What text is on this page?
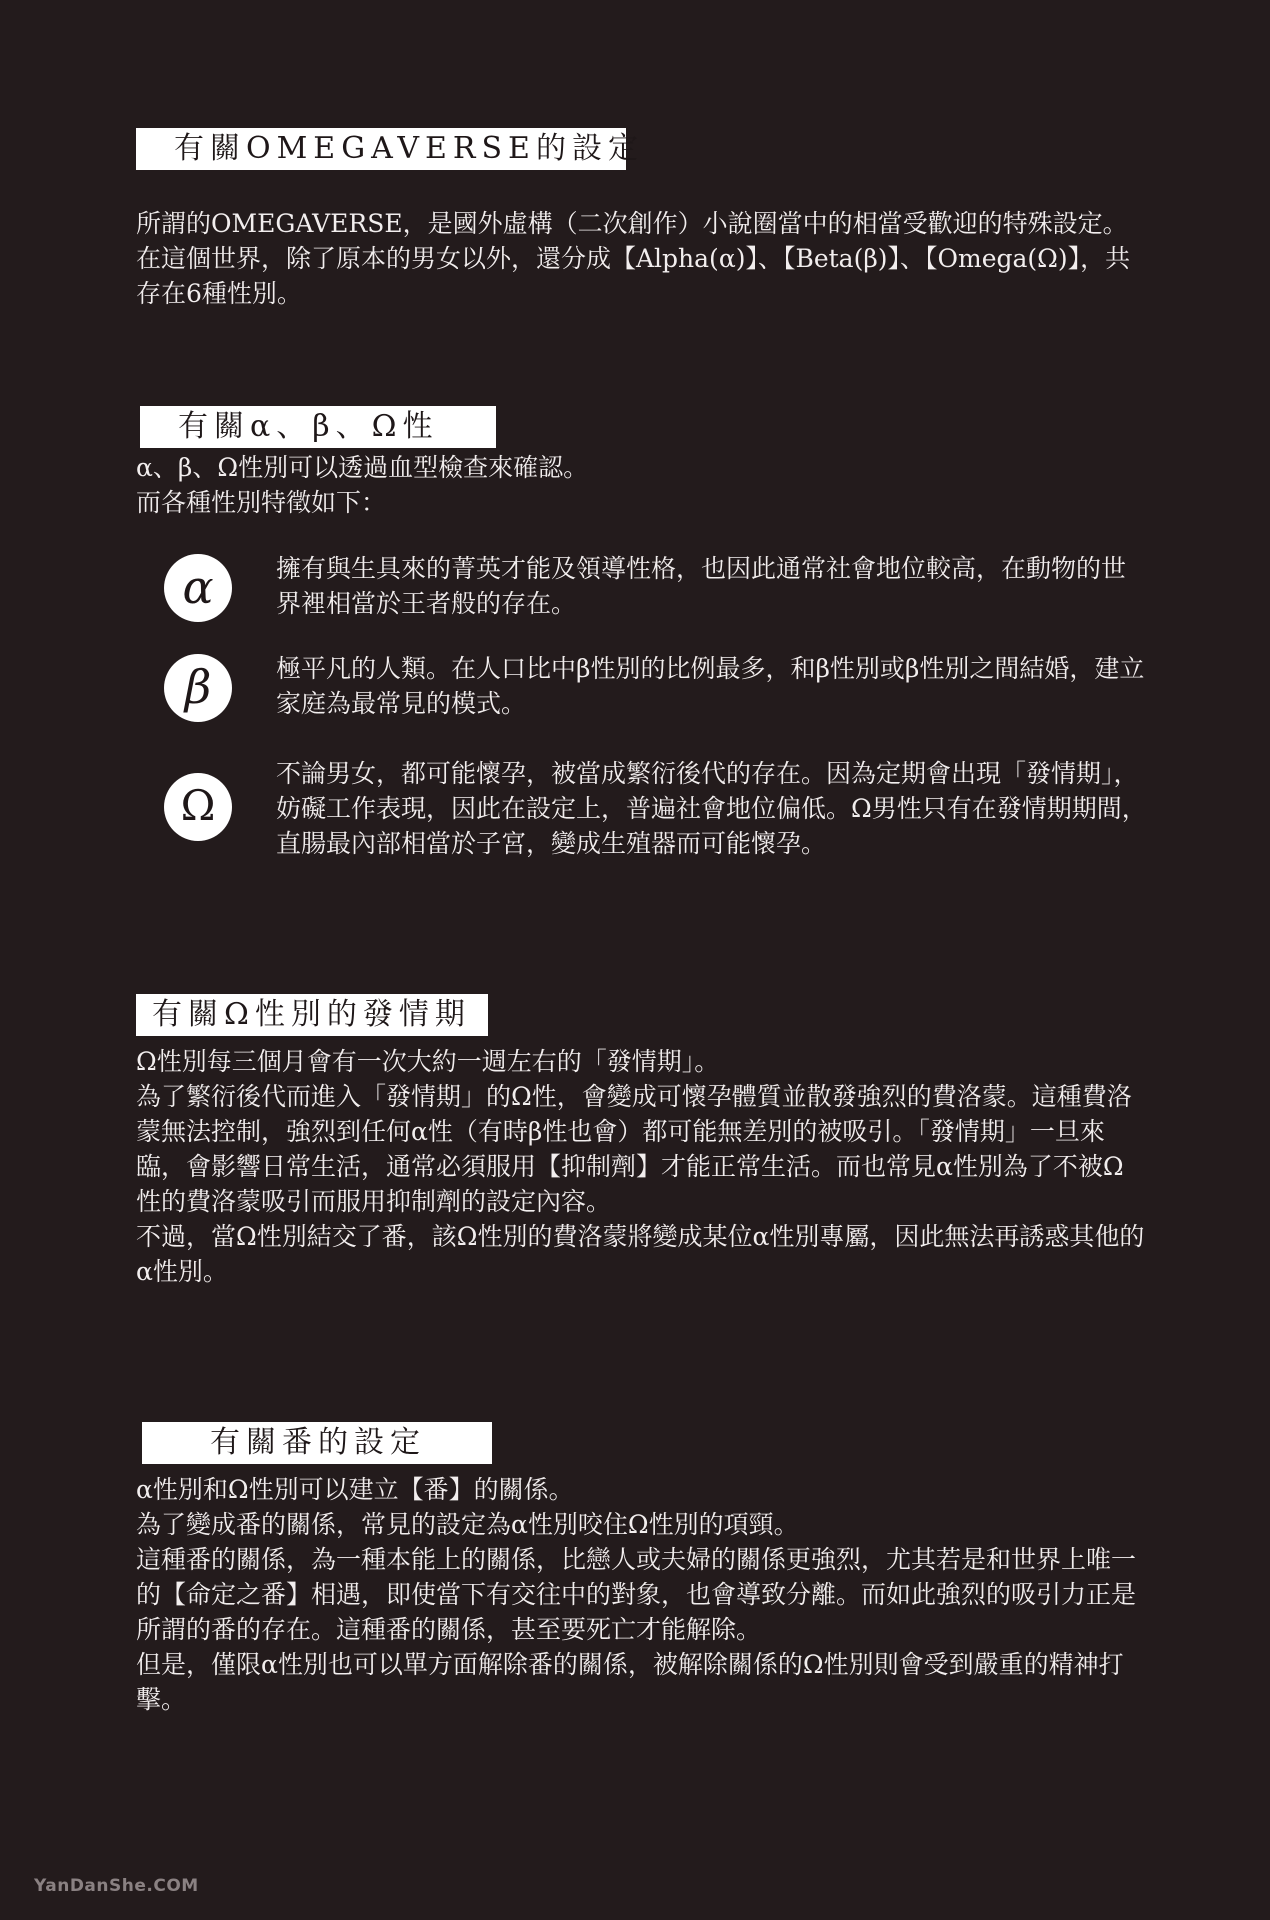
有關OMEGAVERSE的設定

所謂的OMEGAVERSE，是國外虛構（二次創作）小說圈當中的相當受歡迎的特殊設定。在這個世界，除了原本的男女以外，還分成【Alpha(α)】、【Beta(β)】、【Omega(Ω)】，共存在6種性別。

有關α、β、Ω性

α、β、Ω性別可以透過血型檢查來確認。

而各種性別特徵如下：

α	擁有與生具來的菁英才能及領導性格，也因此通常社會地位較高，在動物的世界裡相當於王者般的存在。

β	極平凡的人類。在人口比中β性別的比例最多，和β性別或β性別之間結婚，建立家庭為最常見的模式。

Ω

不論男女，都可能懷孕，被當成繁衍後代的存在。因為定期會出現「發情期」，妨礙工作表現，因此在設定上，普遍社會地位偏低。Ω男性只有在發情期期間，直腸最內部相當於子宮，變成生殖器而可能懷孕。

有關Ω性別的發情期

Ω性別每三個月會有一次大約一週左右的「發情期」。

為了繁衍後代而進入「發情期」的Ω性，會變成可懷孕體質並散發強烈的費洛蒙。這種費洛蒙無法控制，強烈到任何α性（有時β性也會）都可能無差別的被吸引。「發情期」一旦來臨，會影響日常生活，通常必須服用【抑制劑】才能正常生活。而也常見α性別為了不被Ω性的費洛蒙吸引而服用抑制劑的設定內容。

不過，當Ω性別結交了番，該Ω性別的費洛蒙將變成某位α性別專屬，因此無法再誘惑其他的α性別。

有關番的設定

α性別和Ω性別可以建立【番】的關係。

為了變成番的關係，常見的設定為α性別咬住Ω性別的項頸。

這種番的關係，為一種本能上的關係，比戀人或夫婦的關係更強烈，尤其若是和世界上唯一的【命定之番】相遇，即使當下有交往中的對象，也會導致分離。而如此強烈的吸引力正是所謂的番的存在。這種番的關係，甚至要死亡才能解除。

但是，僅限α性別也可以單方面解除番的關係，被解除關係的Ω性別則會受到嚴重的精神打擊。

YanDanShe.COM
